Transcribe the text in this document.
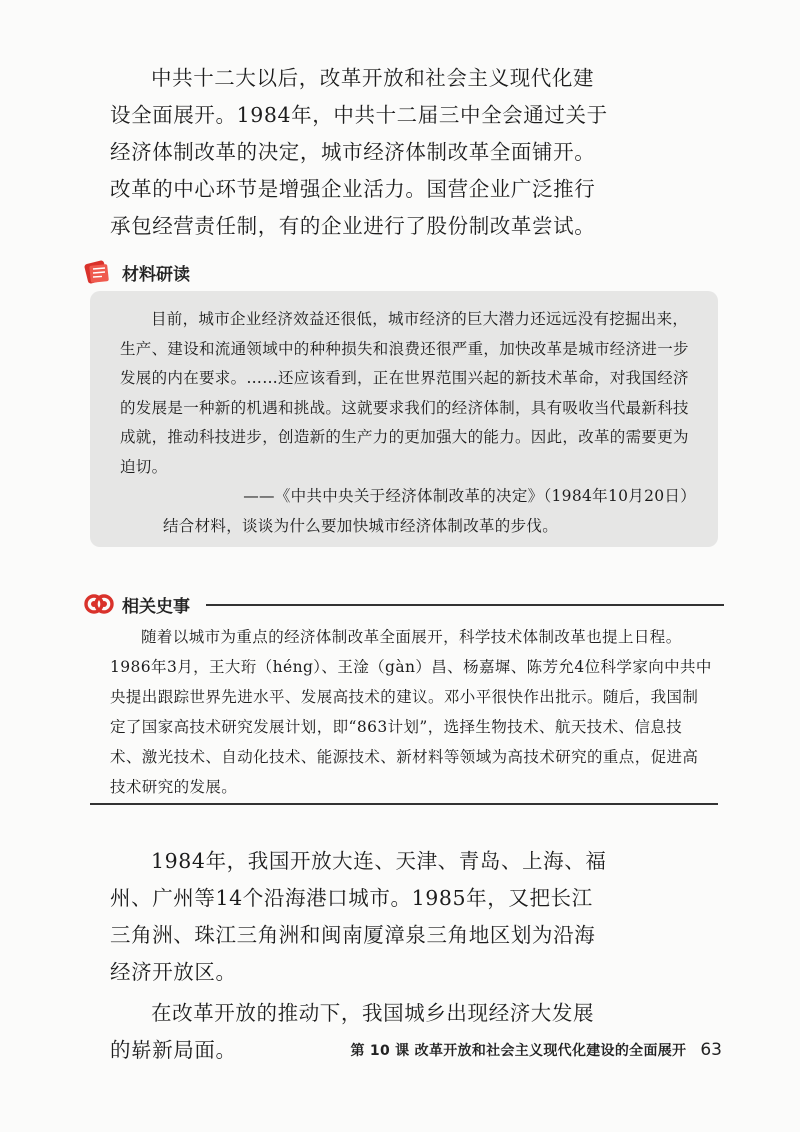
中共十二大以后，改革开放和社会主义现代化建设全面展开。1984年，中共十二届三中全会通过关于经济体制改革的决定，城市经济体制改革全面铺开。改革的中心环节是增强企业活力。国营企业广泛推行承包经营责任制，有的企业进行了股份制改革尝试。

材料研读

目前，城市企业经济效益还很低，城市经济的巨大潜力还远远没有挖掘出来，生产、建设和流通领域中的种种损失和浪费还很严重，加快改革是城市经济进一步发展的内在要求。……还应该看到，正在世界范围兴起的新技术革命，对我国经济的发展是一种新的机遇和挑战。这就要求我们的经济体制，具有吸收当代最新科技成就，推动科技进步，创造新的生产力的更加强大的能力。因此，改革的需要更为迫切。

——《中共中央关于经济体制改革的决定》（1984年10月20日）

结合材料，谈谈为什么要加快城市经济体制改革的步伐。

相关史事

随着以城市为重点的经济体制改革全面展开，科学技术体制改革也提上日程。1986年3月，王大珩（héng）、王淦（gàn）昌、杨嘉墀、陈芳允4位科学家向中共中央提出跟踪世界先进水平、发展高技术的建议。邓小平很快作出批示。随后，我国制定了国家高技术研究发展计划，即“863计划”，选择生物技术、航天技术、信息技术、激光技术、自动化技术、能源技术、新材料等领域为高技术研究的重点，促进高技术研究的发展。

1984年，我国开放大连、天津、青岛、上海、福州、广州等14个沿海港口城市。1985年，又把长江三角洲、珠江三角洲和闽南厦漳泉三角地区划为沿海经济开放区。

在改革开放的推动下，我国城乡出现经济大发展的崭新局面。	第 10 课 改革开放和社会主义现代化建设的全面展开 63
